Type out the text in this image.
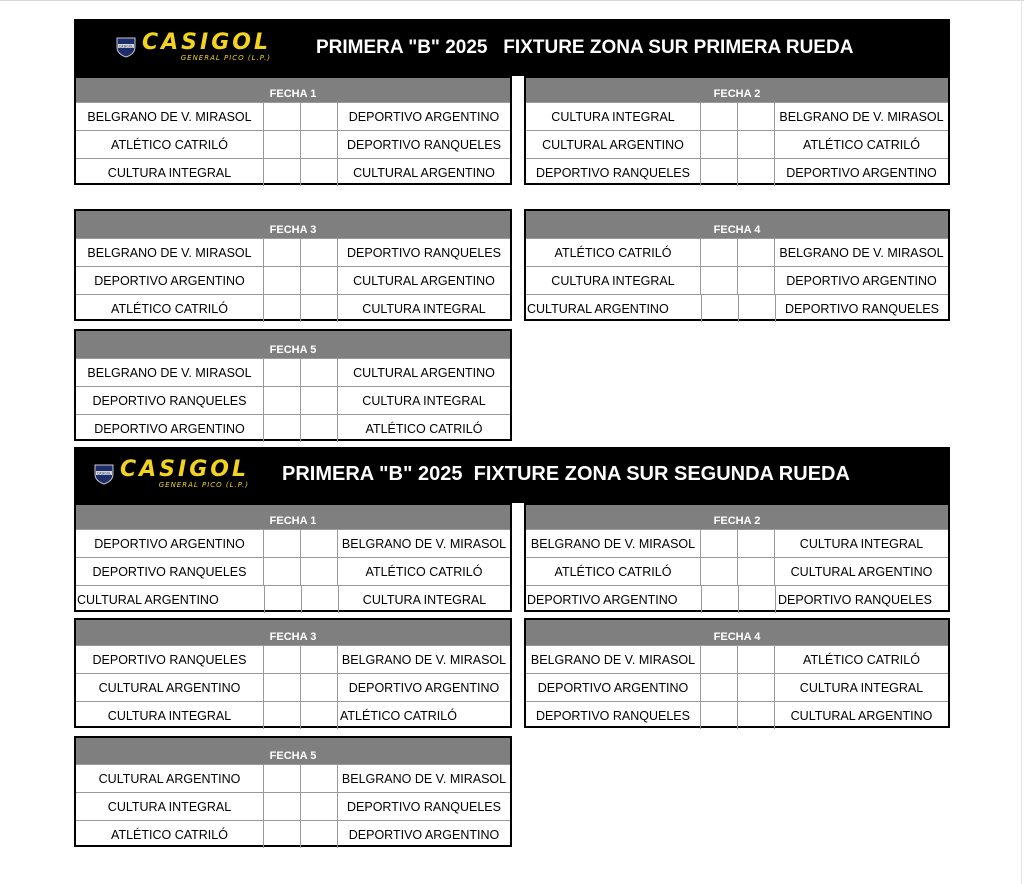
CASIGOL CASIGOL
GENERAL PICO (L.P.) PRIMERA "B" 2025   FIXTURE ZONA SUR PRIMERA RUEDA
FECHA 1
BELGRANO DE V. MIRASOL	DEPORTIVO ARGENTINO
ATLÉTICO CATRILÓ	DEPORTIVO RANQUELES
CULTURA INTEGRAL	CULTURAL ARGENTINO
FECHA 2
CULTURA INTEGRAL	BELGRANO DE V. MIRASOL
CULTURAL ARGENTINO	ATLÉTICO CATRILÓ
DEPORTIVO RANQUELES	DEPORTIVO ARGENTINO
FECHA 3
BELGRANO DE V. MIRASOL	DEPORTIVO RANQUELES
DEPORTIVO ARGENTINO	CULTURAL ARGENTINO
ATLÉTICO CATRILÓ	CULTURA INTEGRAL
FECHA 4
ATLÉTICO CATRILÓ	BELGRANO DE V. MIRASOL
CULTURA INTEGRAL	DEPORTIVO ARGENTINO
CULTURAL ARGENTINO	DEPORTIVO RANQUELES
FECHA 5
BELGRANO DE V. MIRASOL	CULTURAL ARGENTINO
DEPORTIVO RANQUELES	CULTURA INTEGRAL
DEPORTIVO ARGENTINO	ATLÉTICO CATRILÓ
CASIGOL CASIGOL
GENERAL PICO (L.P.) PRIMERA "B" 2025  FIXTURE ZONA SUR SEGUNDA RUEDA
FECHA 1
DEPORTIVO ARGENTINO	BELGRANO DE V. MIRASOL
DEPORTIVO RANQUELES	ATLÉTICO CATRILÓ
CULTURAL ARGENTINO	CULTURA INTEGRAL
FECHA 2
BELGRANO DE V. MIRASOL	CULTURA INTEGRAL
ATLÉTICO CATRILÓ	CULTURAL ARGENTINO
DEPORTIVO ARGENTINO	DEPORTIVO RANQUELES
FECHA 3
DEPORTIVO RANQUELES	BELGRANO DE V. MIRASOL
CULTURAL ARGENTINO	DEPORTIVO ARGENTINO
CULTURA INTEGRAL	ATLÉTICO CATRILÓ
FECHA 4
BELGRANO DE V. MIRASOL	ATLÉTICO CATRILÓ
DEPORTIVO ARGENTINO	CULTURA INTEGRAL
DEPORTIVO RANQUELES	CULTURAL ARGENTINO
FECHA 5
CULTURAL ARGENTINO	BELGRANO DE V. MIRASOL
CULTURA INTEGRAL	DEPORTIVO RANQUELES
ATLÉTICO CATRILÓ	DEPORTIVO ARGENTINO
